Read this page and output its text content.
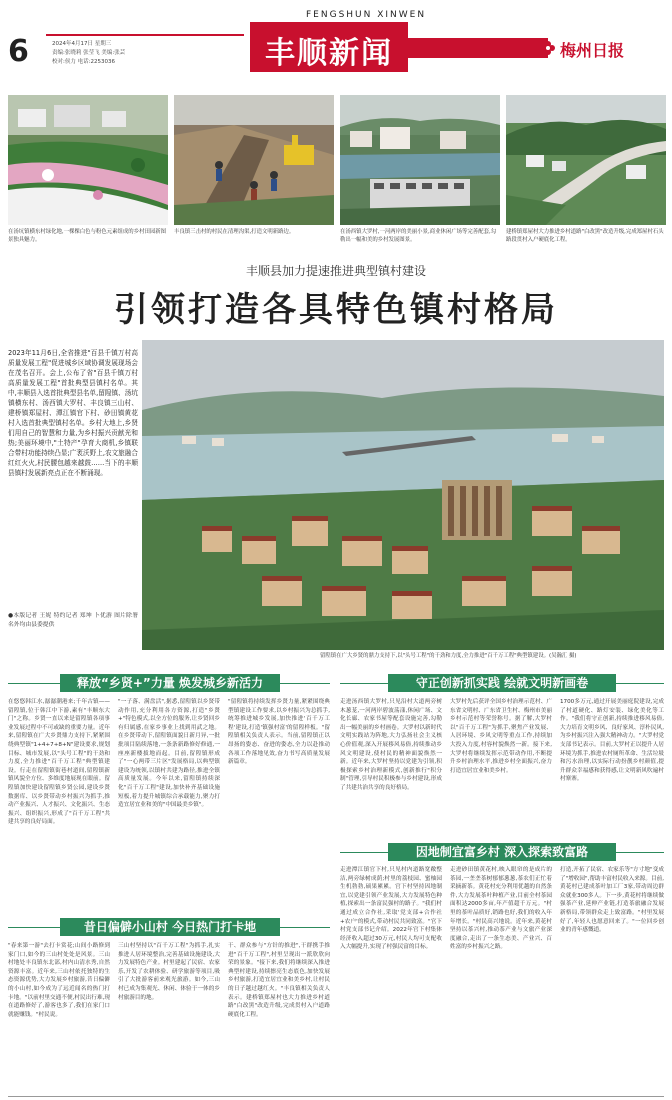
6	2024年4月17日 星期三
责编:张晓莉 张莹飞 美编:张芸
校对:侯力 电话:2253036
FENGSHUN XINWEN
丰顺新闻	梅州日报
在汤坑镇横东村绿化地,一棵棵白色与粉色元素组成的乡村田园新图景独具魅力。
丰良镇三击村的村民在清理沟渠,打造文明新路边。	在汤西镇大罗村,一河两岸的美丽小景,商业休闲广场等完善配套,勾勒出一幅和美的乡村发展图景。
建桥镇郑屋村大力推进乡村道路"白改黑"改造升级,完成郑屋村石头路段贯村入户硬底化工程。
丰顺县加力提速推进典型镇村建设
引领打造各具特色镇村格局
2023年11月6日,全省推进"百县千镇万村高质量发展工程"促进城乡区域协调发展现场会在茂名召开。会上,公布了省"百县千镇万村高质量发展工程"首批典型县镇村名单。其中,丰顺县入选首批典型县名单,留隍镇、汤坑镇横东村、汤西镇大罗村、丰良镇三山村、建桥镇郑屋村、潭江镇官下村、砂田镇黄花村入选首批典型镇村名单。乡村大地上,乡贤们用自己的智慧和力量,为乡村振兴贡献光和热;美丽环境中,"土特产"孕育大商机,乡镇联合带村功能持续凸显;广袤沃野上,农文旅融合红红火火,村民腰包越来越鼓……当下的丰顺县镇村发展新亮点正在不断涌现。
●本版记者 王妮 特约记者 郑坤 卜优游 图片除署名外均由县委提供
留隍镇在广大乡贤的鼎力支持下,以"头号工程"的干劲和力度,全力推进"百千万工程"典型镇建设。(吴瀚汇 摄)
释放“乡贤+”力量 焕发城乡新活力
在悠悠韩江水,潺潺潮港来;千年古镇——留隍镇,位于韩江中下游,素有"丰顺东大门"之称。乡贤一直以来是留隍镇各项事业发展过程中不可或缺的重要力量。近年来,留隍镇在广大乡贤鼎力支持下,紧紧围绕典型镇"1+4+7+8+N"建设要求,规划目标、城市发展,以"头号工程"的干劲和力度,全力推进"百千万工程"典型镇建设。行走在留隍镇街巷村道间,留隍镇新镇风貌全方位、多维度地展现在眼前。留隍镇加快建设留隍镇乡贤公园,建设乡贤数据库、以乡贤带动乡村振兴为抓手,推动产业振兴、人才振兴、文化振兴、生态振兴、组织振兴,形成了"百千万工程"共建共享的良好局面。
"一子落、满盘活",据悉,留隍镇以乡贤带动作用,充分利用各方资源,打造"乡贤+"特色模式,以全方位的服务,让乡贤回乡有归属感,在家乡事业上找到用武之地。在乡贤带动下,留隍镇面貌日新月异,一批批项目陆续落地,一条条新路修好修通,一座座新楼拔地而起。目前,留隍镇形成了"一心两带三片区"发展格局,以典型镇建设为统领,以镇村共建为路径,推进全镇高质量发展。今年以来,留隍镇持续深化"百千万工程"建设,加快补齐基础设施短板,着力提升城镇综合承载能力,聚力打造宜居宜业和美的"中国最美乡镇"。
"留隍镇将持续发挥乡贤力量,紧紧围绕典型镇建设工作要求,以乡村振兴为总抓手,统筹推进城乡发展,加快推进'百千万工程'建设,打造'镇强村富'的留隍样板。"留隍镇相关负责人表示。当前,留隍镇正以昂扬的姿态、奋进的姿态,全力以赴推动各项工作落地见效,奋力书写高质量发展新篇章。
守正创新抓实践 绘就文明新画卷
走进汤西镇大罗村,只见沿村大道两旁树木葱茏,一河两岸碧波荡漾,休闲广场、文化长廊、农家书屋等配套设施完善,勾勒出一幅美丽的乡村画卷。大罗村以新时代文明实践站为阵地,大力弘扬社会主义核心价值观,深入开展移风易俗,持续推动乡风文明建设,使村民的精神面貌焕然一新。近年来,大罗村坚持以党建为引领,积极探索乡村治理新模式,创新推行"积分制"管理,引导村民积极参与乡村建设,形成了共建共治共享的良好格局。
大罗村先后获评全国乡村治理示范村、广东省文明村、广东省卫生村、梅州市美丽乡村示范村等荣誉称号。据了解,大罗村以"百千万工程"为抓手,聚焦产业发展、人居环境、乡风文明等重点工作,持续加大投入力度,村容村貌焕然一新。接下来,大罗村将继续发挥示范带动作用,不断提升乡村治理水平,推进乡村全面振兴,奋力打造宜居宜业和美乡村。
1700多万元,通过开展美丽庭院建设,完成了村道硬化、路灯安装、绿化美化等工作。"我们将守正创新,持续推进移风易俗,大力培育文明乡风、良好家风、淳朴民风,为乡村振兴注入强大精神动力。"大罗村党支部书记表示。目前,大罗村正以提升人居环境为抓手,推进农村厕所革命、生活垃圾和污水治理,以实际行动扮靓乡村颜值,提升群众幸福感和获得感,让文明新风吹遍村村寨寨。
因地制宜富乡村 深入探索致富路
走进潭江镇官下村,只见村内道路宽敞整洁,两旁绿树成荫;村里的荔枝园、蜜柚园生机勃勃,硕果累累。官下村坚持因地制宜,以党建引领产业发展,大力发展特色种植,探索出一条富民强村的路子。"我们村通过成立合作社,采取'党支部+合作社+农户'的模式,带动村民共同致富。"官下村党支部书记介绍。2022年官下村集体经济收入超过30万元,村民人均可支配收入大幅提升,实现了村强民富的目标。
走进砂田镇黄花村,映入眼帘的是成片的茶园,一垄垄茶树郁郁葱葱,茶农们正忙着采摘新茶。黄花村充分利用优越的自然条件,大力发展茶叶种植产业,目前全村茶园面积达2000多亩,年产值超千万元。"村里的茶叶品质好,销路也好,我们的收入年年增长。"村民高兴地说。近年来,黄花村坚持以茶兴村,推动茶产业与文旅产业深度融合,走出了一条生态美、产业兴、百姓富的乡村振兴之路。
打造,开拓了民宿、农家乐等"方寸地"变成了"增收园",帮助丰富村民收入来源。目前,黄花村已建成茶叶加工厂3家,带动周边群众就业300多人。下一步,黄花村将继续做强茶产业,延伸产业链,打造茶旅融合发展新格局,带领群众走上致富路。"村里发展好了,年轻人也愿意回来了。"一位回乡创业的青年感慨道。
昔日偏僻小山村 今日热门打卡地
"春来第一游"去打卡赏花;山间小路修到家门口,如今的三山村处处是风景。三山村地处丰良镇东北部,村内山清水秀,自然资源丰富。近年来,三山村依托独特的生态资源优势,大力发展乡村旅游,昔日偏僻的小山村,如今成为了远近闻名的热门打卡地。"以前村里交通不便,村民出行难,现在道路修好了,游客也多了,我们在家门口就能赚钱。"村民说。
三山村坚持以"百千万工程"为抓手,扎实推进人居环境整治,完善基础设施建设,大力发展特色产业。村里建起了民宿、农家乐,开发了农耕体验、研学旅游等项目,吸引了大批游客前来观光旅游。如今,三山村已成为集观光、休闲、体验于一体的乡村旅游目的地。
干、群众参与"方针的推进",干群携手推进"百千万工程",村里呈现出一派欣欣向荣的景象。"接下来,我们将继续深入推进典型村建设,持续擦亮生态底色,加快发展乡村旅游,打造宜居宜业和美乡村,让村民的日子越过越红火。"丰良镇相关负责人表示。建桥镇郑屋村也大力推进乡村道路"白改黑"改造升级,完成贯村入户道路硬底化工程。
